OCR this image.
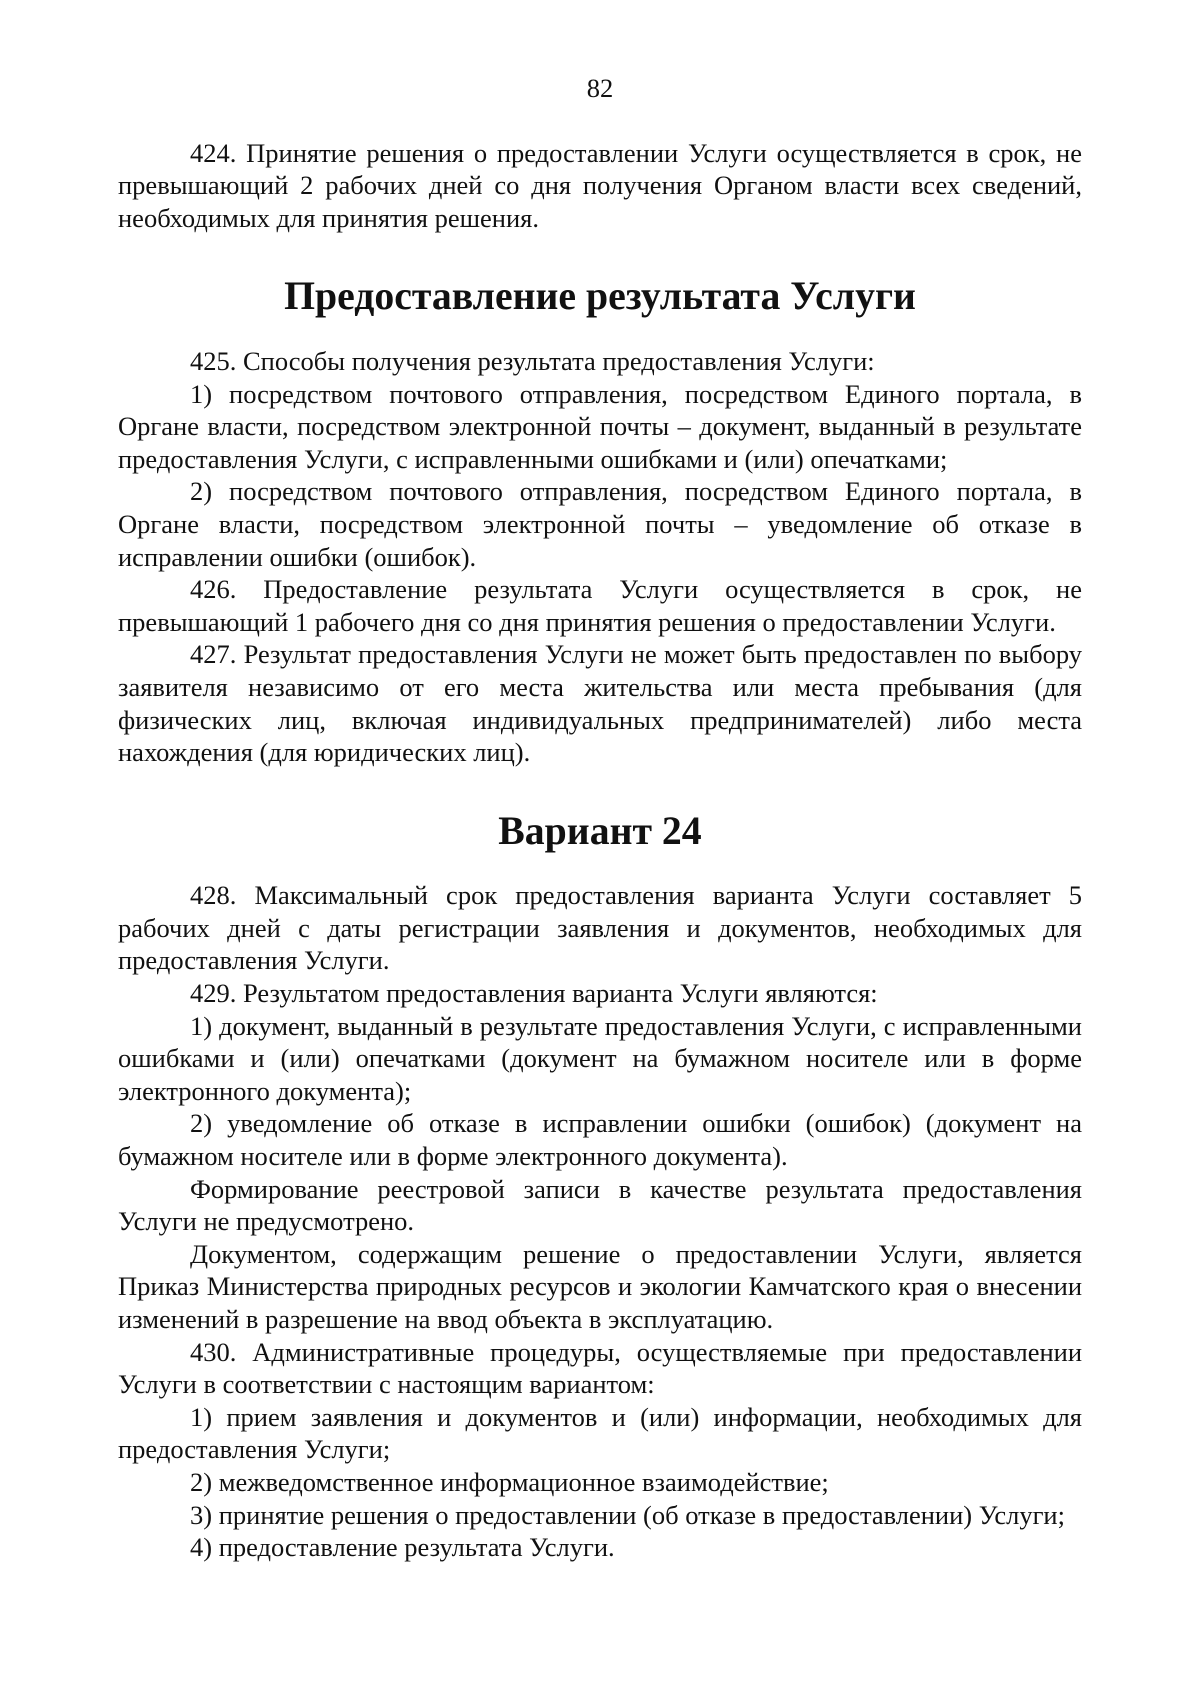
82

424. Принятие решения о предоставлении Услуги осуществляется в срок, не превышающий 2 рабочих дней со дня получения Органом власти всех сведений, необходимых для принятия решения.

Предоставление результата Услуги

425. Способы получения результата предоставления Услуги:

1) посредством почтового отправления, посредством Единого портала, в Органе власти, посредством электронной почты – документ, выданный в результате предоставления Услуги, с исправленными ошибками и (или) опечатками;

2) посредством почтового отправления, посредством Единого портала, в Органе власти, посредством электронной почты – уведомление об отказе в исправлении ошибки (ошибок).

426. Предоставление результата Услуги осуществляется в срок, не превышающий 1 рабочего дня со дня принятия решения о предоставлении Услуги.

427. Результат предоставления Услуги не может быть предоставлен по выбору заявителя независимо от его места жительства или места пребывания (для физических лиц, включая индивидуальных предпринимателей) либо места нахождения (для юридических лиц).

Вариант 24

428. Максимальный срок предоставления варианта Услуги составляет 5 рабочих дней с даты регистрации заявления и документов, необходимых для предоставления Услуги.

429. Результатом предоставления варианта Услуги являются:

1) документ, выданный в результате предоставления Услуги, с исправленными ошибками и (или) опечатками (документ на бумажном носителе или в форме электронного документа);

2) уведомление об отказе в исправлении ошибки (ошибок) (документ на бумажном носителе или в форме электронного документа).

Формирование реестровой записи в качестве результата предоставления Услуги не предусмотрено.

Документом, содержащим решение о предоставлении Услуги, является Приказ Министерства природных ресурсов и экологии Камчатского края о внесении изменений в разрешение на ввод объекта в эксплуатацию.

430. Административные процедуры, осуществляемые при предоставлении Услуги в соответствии с настоящим вариантом:

1) прием заявления и документов и (или) информации, необходимых для предоставления Услуги;

2) межведомственное информационное взаимодействие;

3) принятие решения о предоставлении (об отказе в предоставлении) Услуги;

4) предоставление результата Услуги.
